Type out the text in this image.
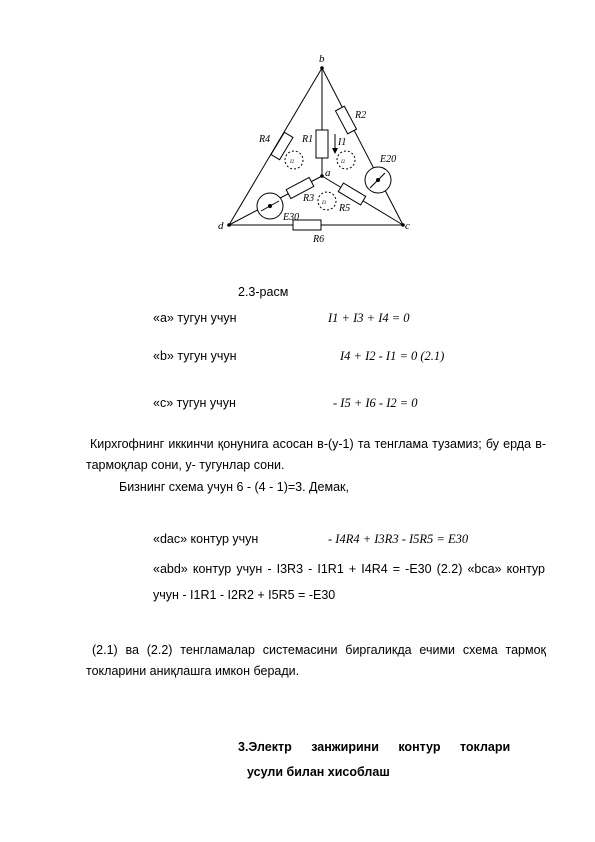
b
a
d	c
R4
R2
R1 I1
E20
R3
R5
E30
R6
I2	I2
I3
2.3-расм
«a» тугун учун	I1 + I3 + I4 = 0
«b» тугун учун	I4 + I2 - I1 = 0 (2.1)
«c» тугун учун	- I5 + I6 - I2 = 0
Кирхгофнинг иккинчи қонунига асосан в-(у-1) та тенглама тузамиз; бу ерда в- тармоқлар сони, у- тугунлар сони.
Бизнинг схема учун 6 - (4 - 1)=3. Демак,
«dac» контур учун	- I4R4 + I3R3 - I5R5 = E30
«abd» контур учун - I3R3 - I1R1 + I4R4 = -E30 (2.2) «bca» контур
учун - I1R1 - I2R2 + I5R5 = -E30
(2.1) ва (2.2) тенгламалар системасини биргаликда ечими схема тармоқ токларини аниқлашга имкон беради.
3.Электр занжирини контур токлари
усули билан хисоблаш
